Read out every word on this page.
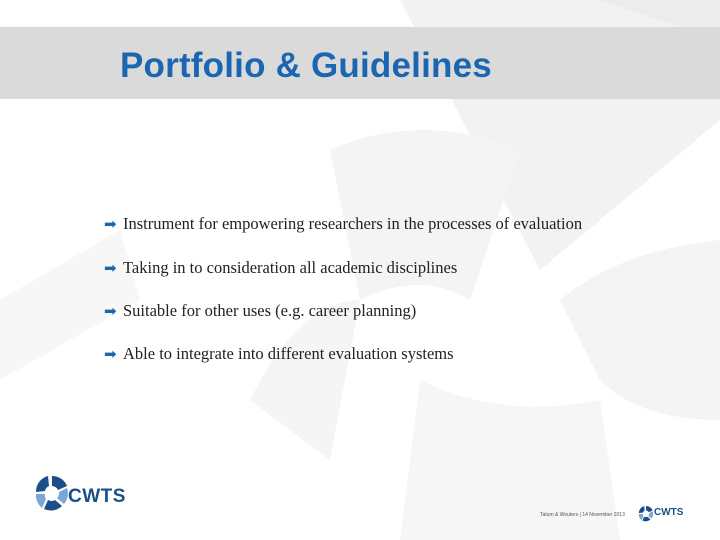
Portfolio & Guidelines
➡ Instrument for empowering researchers in the processes of evaluation
➡ Taking in to consideration all academic disciplines
➡ Suitable for other uses (e.g. career planning)
➡ Able to integrate into different evaluation systems
CWTS
Tatum & Wouters | 14 November 2013	CWTS
